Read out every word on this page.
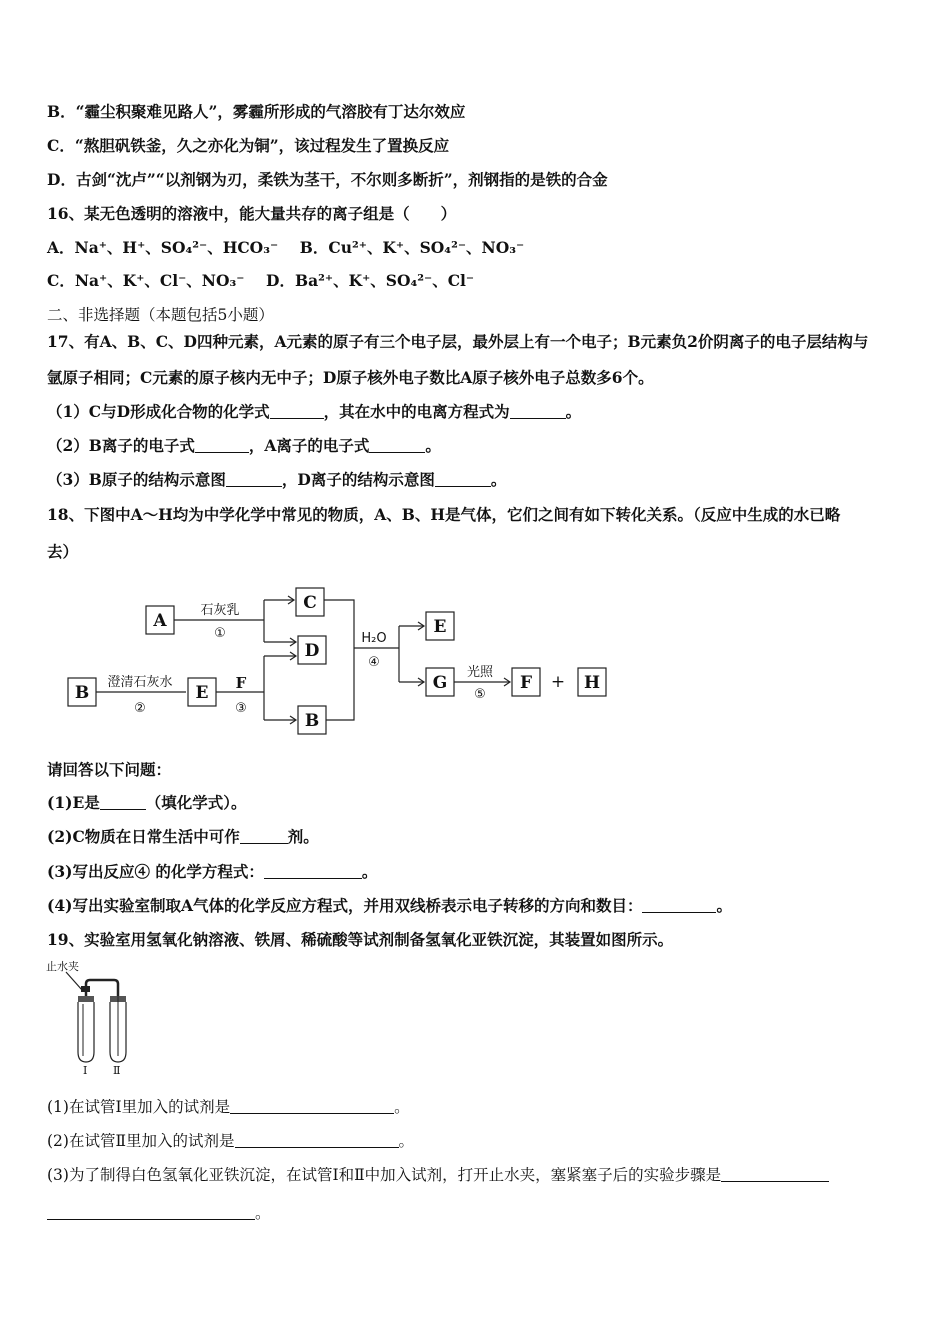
B．“霾尘积聚难见路人”，雾霾所形成的气溶胶有丁达尔效应
C．“熬胆矾铁釜，久之亦化为铜”，该过程发生了置换反应
D．古剑“沈卢”“以剂钢为刃，柔铁为茎干，不尔则多断折”，剂钢指的是铁的合金
16、某无色透明的溶液中，能大量共存的离子组是（　　）
A．Na⁺、H⁺、SO₄²⁻、HCO₃⁻ B．Cu²⁺、K⁺、SO₄²⁻、NO₃⁻
C．Na⁺、K⁺、Cl⁻、NO₃⁻ D．Ba²⁺、K⁺、SO₄²⁻、Cl⁻
二、非选择题（本题包括5小题）
17、有A、B、C、D四种元素，A元素的原子有三个电子层，最外层上有一个电子；B元素负2价阴离子的电子层结构与
氩原子相同；C元素的原子核内无中子；D原子核外电子数比A原子核外电子总数多6个。
（1）C与D形成化合物的化学式	，其在水中的电离方程式为	。
（2）B离子的电子式	，A离子的电子式	。
（3）B原子的结构示意图	，D离子的结构示意图	。
18、下图中A～H均为中学化学中常见的物质，A、B、H是气体，它们之间有如下转化关系。（反应中生成的水已略
去）
A
B	E
C
D
B
E
G	F	H
+
石灰乳
①
澄清石灰水
②
F
③
H₂O
④
光照
⑤
请回答以下问题：
(1)E是	（填化学式）。
(2)C物质在日常生活中可作	剂。
(3)写出反应④ 的化学方程式：	。
(4)写出实验室制取A气体的化学反应方程式，并用双线桥表示电子转移的方向和数目：	。
19、实验室用氢氧化钠溶液、铁屑、稀硫酸等试剂制备氢氧化亚铁沉淀，其装置如图所示。
止水夹
Ⅰ Ⅱ
(1)在试管Ⅰ里加入的试剂是	。
(2)在试管Ⅱ里加入的试剂是	。
(3)为了制得白色氢氧化亚铁沉淀，在试管Ⅰ和Ⅱ中加入试剂，打开止水夹，塞紧塞子后的实验步骤是
。
